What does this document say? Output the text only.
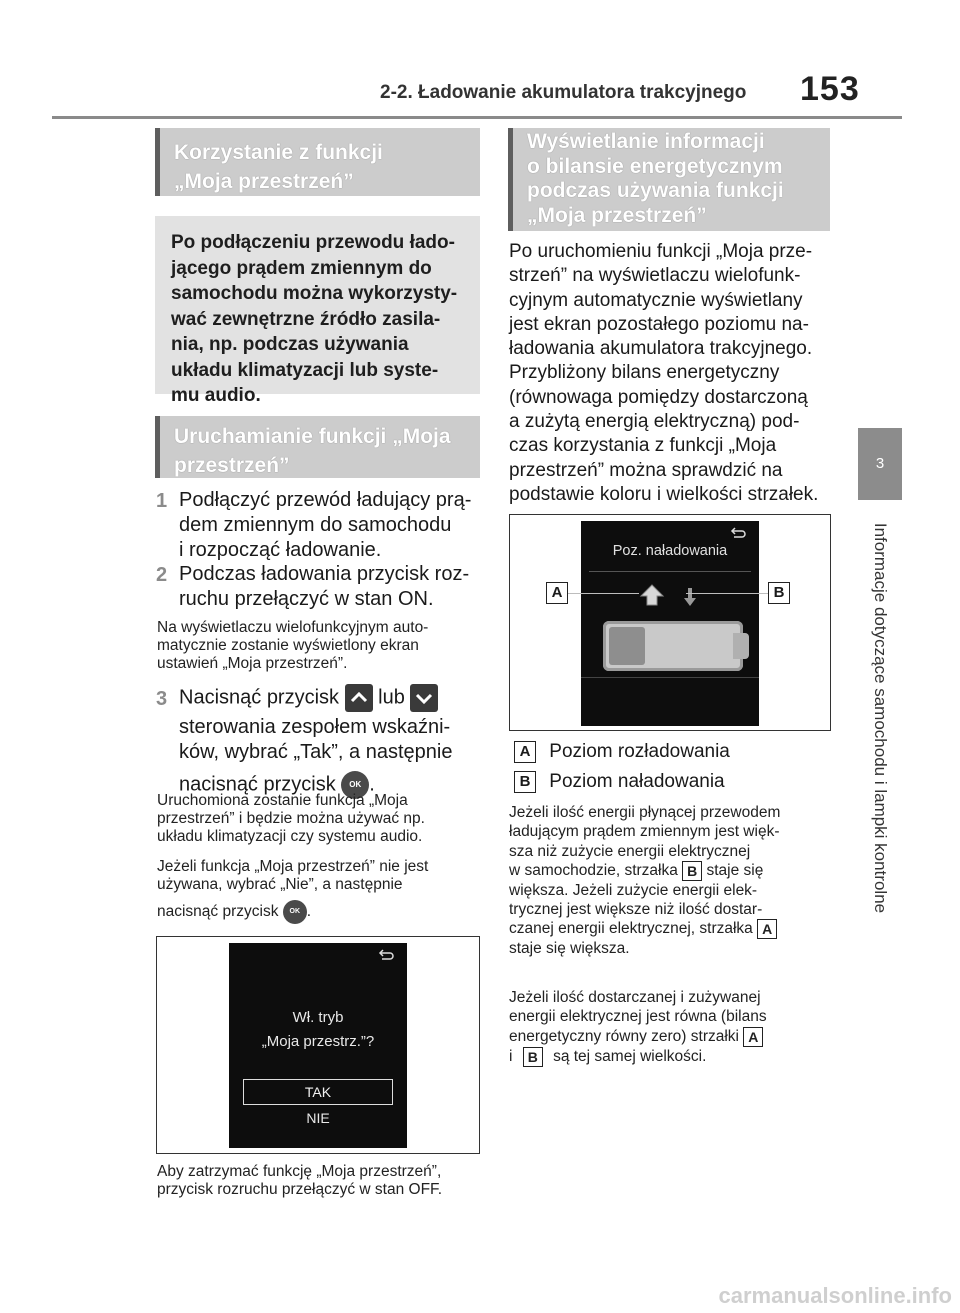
2-2. Ładowanie akumulatora trakcyjnego 153
3
Informacje dotyczące samochodu i lampki kontrolne
Korzystanie z funkcji
„Moja przestrzeń”
Po podłączeniu przewodu łado-
jącego prądem zmiennym do
samochodu można wykorzysty-
wać zewnętrzne źródło zasila-
nia, np. podczas używania
układu klimatyzacji lub syste-
mu audio.
Uruchamianie funkcji „Moja
przestrzeń”
1 Podłączyć przewód ładujący prą-
dem zmiennym do samochodu
i rozpocząć ładowanie.
2 Podczas ładowania przycisk roz-
ruchu przełączyć w stan ON.
Na wyświetlaczu wielofunkcyjnym auto-
matycznie zostanie wyświetlony ekran
ustawień „Moja przestrzeń”.
3 Nacisnąć przycisk lub
sterowania zespołem wskaźni-
ków, wybrać „Tak”, a następnie
nacisnąć przycisk OK .
Uruchomiona zostanie funkcja „Moja
przestrzeń” i będzie można używać np.
układu klimatyzacji czy systemu audio.
Jeżeli funkcja „Moja przestrzeń” nie jest
używana, wybrać „Nie”, a następnie
nacisnąć przycisk OK .
Wł. tryb
„Moja przestrz.”?
TAK
NIE
Aby zatrzymać funkcję „Moja przestrzeń”,
przycisk rozruchu przełączyć w stan OFF.
Wyświetlanie informacji
o bilansie energetycznym
podczas używania funkcji
„Moja przestrzeń”
Po uruchomieniu funkcji „Moja prze-
strzeń” na wyświetlaczu wielofunk-
cyjnym automatycznie wyświetlany
jest ekran pozostałego poziomu na-
ładowania akumulatora trakcyjnego.
Przybliżony bilans energetyczny
(równowaga pomiędzy dostarczoną
a zużytą energią elektryczną) pod-
czas korzystania z funkcji „Moja
przestrzeń” można sprawdzić na
podstawie koloru i wielkości strzałek.
Poz. naładowania
A	B
A Poziom rozładowania
B Poziom naładowania
Jeżeli ilość energii płynącej przewodem
ładującym prądem zmiennym jest więk-
sza niż zużycie energii elektrycznej
w samochodzie, strzałka B staje się
większa. Jeżeli zużycie energii elek-
trycznej jest większe niż ilość dostar-
czanej energii elektrycznej, strzałka A
staje się większa.
Jeżeli ilość dostarczanej i zużywanej
energii elektrycznej jest równa (bilans
energetyczny równy zero) strzałki A
i B są tej samej wielkości.
carmanualsonline.info
